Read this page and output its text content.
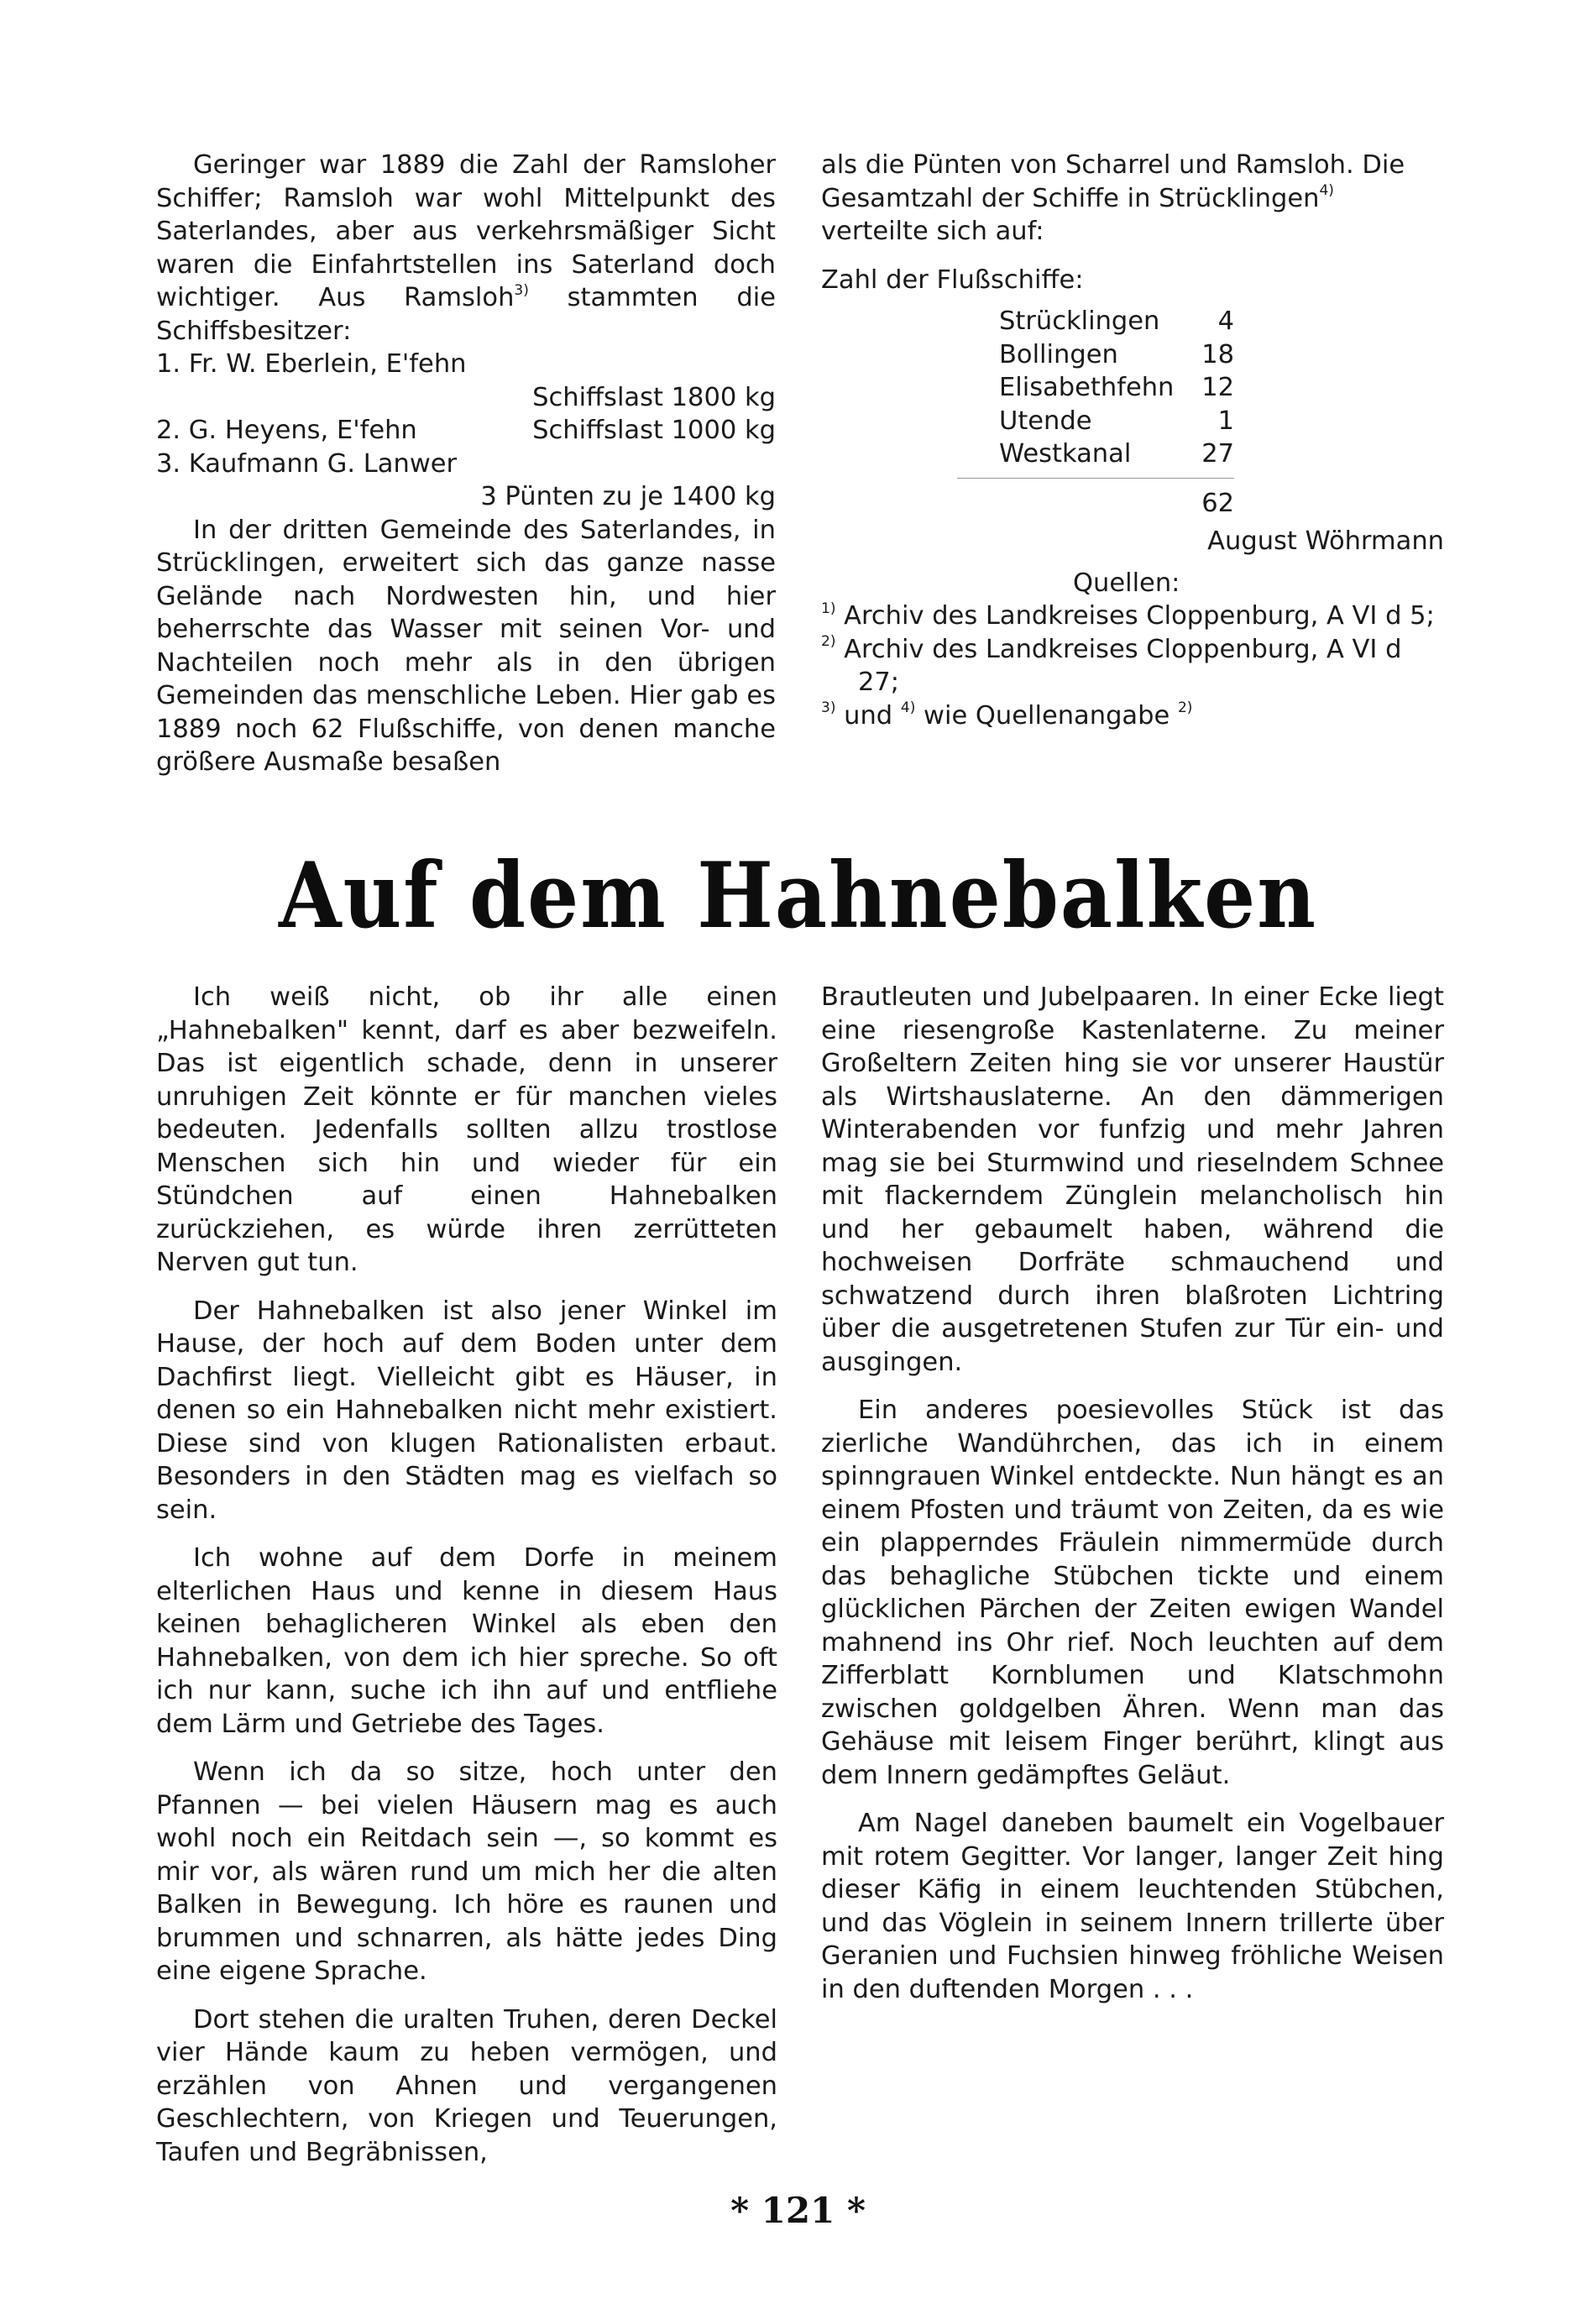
Geringer war 1889 die Zahl der Ramsloher Schiffer; Ramsloh war wohl Mittelpunkt des Saterlandes, aber aus verkehrsmäßiger Sicht waren die Einfahrtstellen ins Saterland doch wichtiger. Aus Ramsloh$^{3)}$ stammten die Schiffsbesitzer:

1. Fr. W. Eberlein, E'fehn
Schiffslast 1800 kg
2. G. Heyens, E'fehn	Schiffslast 1000 kg
3. Kaufmann G. Lanwer
3 Pünten zu je 1400 kg

In der dritten Gemeinde des Saterlandes, in Strücklingen, erweitert sich das ganze nasse Gelände nach Nordwesten hin, und hier beherrschte das Wasser mit seinen Vor- und Nachteilen noch mehr als in den übrigen Gemeinden das menschliche Leben. Hier gab es 1889 noch 62 Flußschiffe, von denen manche größere Ausmaße besaßen

als die Pünten von Scharrel und Ramsloh. Die Gesamtzahl der Schiffe in Strücklingen$^{4)}$ verteilte sich auf:

Zahl der Flußschiffe:
Strücklingen 4
Bollingen	18
Elisabethfehn 12
Utende	1
Westkanal	27
62
August Wöhrmann
Quellen:
$^{1)}$ Archiv des Landkreises Cloppenburg, A VI d 5;
$^{2)}$ Archiv des Landkreises Cloppenburg, A VI d 27;
$^{3)}$ und $^{4)}$ wie Quellenangabe $^{2)}$
Auf dem Hahnebalken

Ich weiß nicht, ob ihr alle einen „Hahnebalken" kennt, darf es aber bezweifeln. Das ist eigentlich schade, denn in unserer unruhigen Zeit könnte er für manchen vieles bedeuten. Jedenfalls sollten allzu trostlose Menschen sich hin und wieder für ein Stündchen auf einen Hahnebalken zurückziehen, es würde ihren zerrütteten Nerven gut tun.

Der Hahnebalken ist also jener Winkel im Hause, der hoch auf dem Boden unter dem Dachfirst liegt. Vielleicht gibt es Häuser, in denen so ein Hahnebalken nicht mehr existiert. Diese sind von klugen Rationalisten erbaut. Besonders in den Städten mag es vielfach so sein.

Ich wohne auf dem Dorfe in meinem elterlichen Haus und kenne in diesem Haus keinen behaglicheren Winkel als eben den Hahnebalken, von dem ich hier spreche. So oft ich nur kann, suche ich ihn auf und entfliehe dem Lärm und Getriebe des Tages.

Wenn ich da so sitze, hoch unter den Pfannen — bei vielen Häusern mag es auch wohl noch ein Reitdach sein —, so kommt es mir vor, als wären rund um mich her die alten Balken in Bewegung. Ich höre es raunen und brummen und schnarren, als hätte jedes Ding eine eigene Sprache.

Dort stehen die uralten Truhen, deren Deckel vier Hände kaum zu heben vermögen, und erzählen von Ahnen und vergangenen Geschlechtern, von Kriegen und Teuerungen, Taufen und Begräbnissen,

Brautleuten und Jubelpaaren. In einer Ecke liegt eine riesengroße Kastenlaterne. Zu meiner Großeltern Zeiten hing sie vor unserer Haustür als Wirtshauslaterne. An den dämmerigen Winterabenden vor funfzig und mehr Jahren mag sie bei Sturmwind und rieselndem Schnee mit flackerndem Zünglein melancholisch hin und her gebaumelt haben, während die hochweisen Dorfräte schmauchend und schwatzend durch ihren blaßroten Lichtring über die ausgetretenen Stufen zur Tür ein- und ausgingen.

Ein anderes poesievolles Stück ist das zierliche Wandührchen, das ich in einem spinngrauen Winkel entdeckte. Nun hängt es an einem Pfosten und träumt von Zeiten, da es wie ein plapperndes Fräulein nimmermüde durch das behagliche Stübchen tickte und einem glücklichen Pärchen der Zeiten ewigen Wandel mahnend ins Ohr rief. Noch leuchten auf dem Zifferblatt Kornblumen und Klatschmohn zwischen goldgelben Ähren. Wenn man das Gehäuse mit leisem Finger berührt, klingt aus dem Innern gedämpftes Geläut.

Am Nagel daneben baumelt ein Vogelbauer mit rotem Gegitter. Vor langer, langer Zeit hing dieser Käfig in einem leuchtenden Stübchen, und das Vöglein in seinem Innern trillerte über Geranien und Fuchsien hinweg fröhliche Weisen in den duftenden Morgen . . .

* 121 *
